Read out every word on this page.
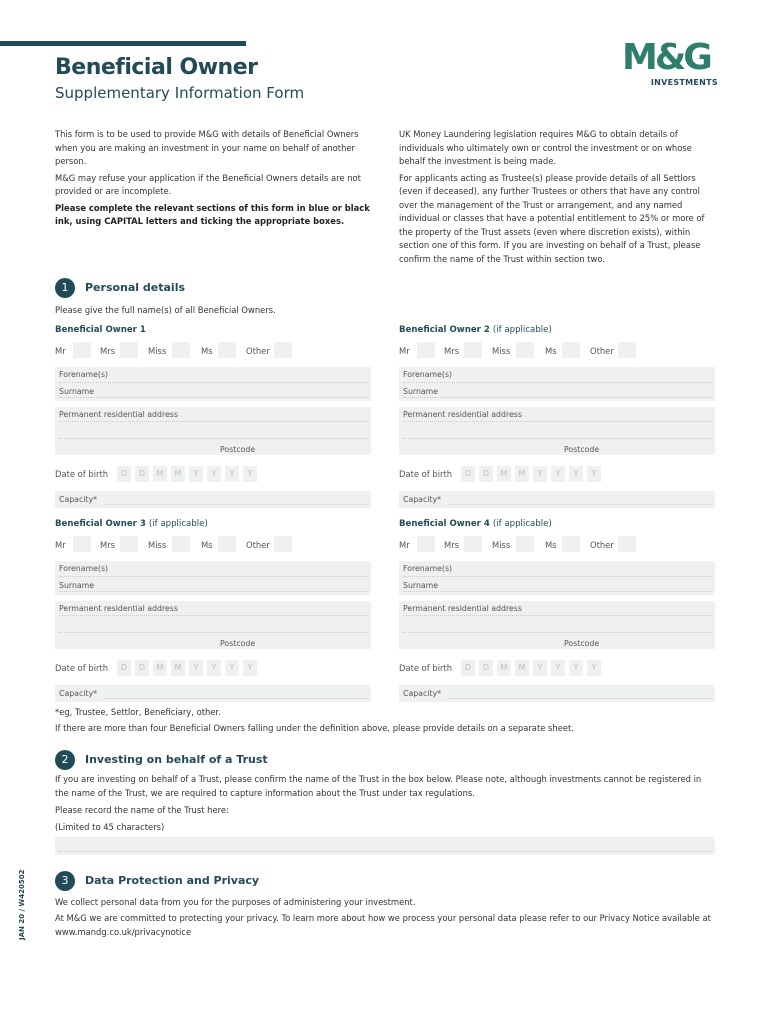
Beneficial Owner
Supplementary Information Form
M&G
INVESTMENTS
This form is to be used to provide M&G with details of Beneficial Owners when you are making an investment in your name on behalf of another person.
M&G may refuse your application if the Beneficial Owners details are not provided or are incomplete.
Please complete the relevant sections of this form in blue or black ink, using CAPITAL letters and ticking the appropriate boxes.
UK Money Laundering legislation requires M&G to obtain details of individuals who ultimately own or control the investment or on whose behalf the investment is being made.
For applicants acting as Trustee(s) please provide details of all Settlors (even if deceased), any further Trustees or others that have any control over the management of the Trust or arrangement, and any named individual or classes that have a potential entitlement to 25% or more of the property of the Trust assets (even where discretion exists), within section one of this form. If you are investing on behalf of a Trust, please confirm the name of the Trust within section two.
1	Personal details
Please give the full name(s) of all Beneficial Owners.
Beneficial Owner 1
Mr	Mrs	Miss	Ms	Other
Forename(s)
Surname
Permanent residential address
Postcode
Date of birth	D	D	M	M	Y	Y	Y	Y
Capacity*
Beneficial Owner 2 (if applicable)
Mr	Mrs	Miss	Ms	Other
Forename(s)
Surname
Permanent residential address
Postcode
Date of birth	D	D	M	M	Y	Y	Y	Y
Capacity*
Beneficial Owner 3 (if applicable)
Mr	Mrs	Miss	Ms	Other
Forename(s)
Surname
Permanent residential address
Postcode
Date of birth	D	D	M	M	Y	Y	Y	Y
Capacity*
Beneficial Owner 4 (if applicable)
Mr	Mrs	Miss	Ms	Other
Forename(s)
Surname
Permanent residential address
Postcode
Date of birth	D	D	M	M	Y	Y	Y	Y
Capacity*
*eg, Trustee, Settlor, Beneficiary, other.
If there are more than four Beneficial Owners falling under the definition above, please provide details on a separate sheet.
2	Investing on behalf of a Trust
If you are investing on behalf of a Trust, please confirm the name of the Trust in the box below. Please note, although investments cannot be registered in the name of the Trust, we are required to capture information about the Trust under tax regulations.
Please record the name of the Trust here:
(Limited to 45 characters)
3	Data Protection and Privacy
We collect personal data from you for the purposes of administering your investment.
At M&G we are committed to protecting your privacy. To learn more about how we process your personal data please refer to our Privacy Notice available at www.mandg.co.uk/privacynotice
JAN 20 / W420502
